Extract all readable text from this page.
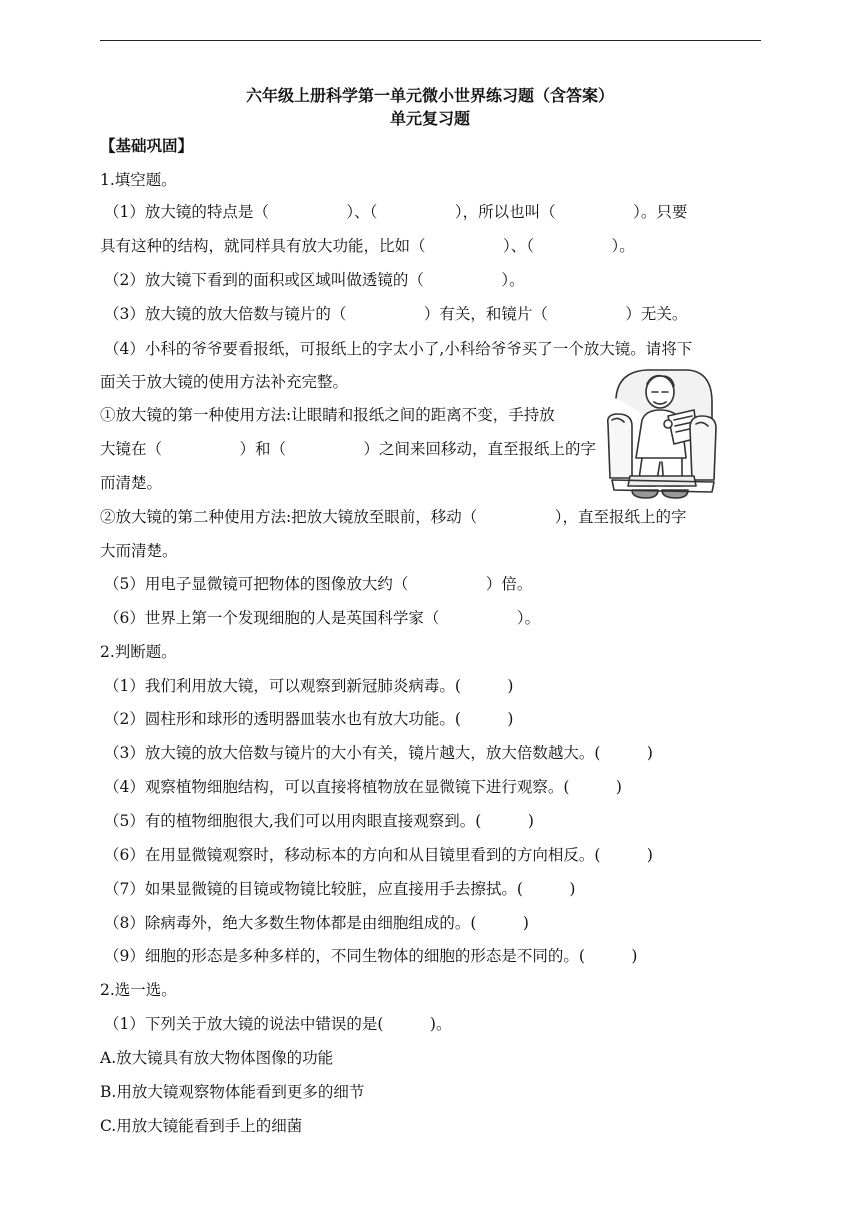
六年级上册科学第一单元微小世界练习题（含答案）
单元复习题
【基础巩固】
1.填空题。
（1）放大镜的特点是（　　　　　）、（　　　　　），所以也叫（　　　　　）。只要
具有这种的结构，就同样具有放大功能，比如（　　　　　）、（　　　　　）。
（2）放大镜下看到的面积或区域叫做透镜的（　　　　　）。
（3）放大镜的放大倍数与镜片的（　　　　　）有关，和镜片（　　　　　）无关。
（4）小科的爷爷要看报纸，可报纸上的字太小了,小科给爷爷买了一个放大镜。请将下
面关于放大镜的使用方法补充完整。
①放大镜的第一种使用方法:让眼睛和报纸之间的距离不变，手持放
大镜在（　　　　　）和（　　　　　）之间来回移动，直至报纸上的字
而清楚。
②放大镜的第二种使用方法:把放大镜放至眼前，移动（　　　　　），直至报纸上的字
大而清楚。
（5）用电子显微镜可把物体的图像放大约（　　　　　）倍。
（6）世界上第一个发现细胞的人是英国科学家（　　　　　）。
2.判断题。
（1）我们利用放大镜，可以观察到新冠肺炎病毒。(　　　)
（2）圆柱形和球形的透明器皿装水也有放大功能。(　　　)
（3）放大镜的放大倍数与镜片的大小有关，镜片越大，放大倍数越大。(　　　)
（4）观察植物细胞结构，可以直接将植物放在显微镜下进行观察。(　　　)
（5）有的植物细胞很大,我们可以用肉眼直接观察到。(　　　)
（6）在用显微镜观察时，移动标本的方向和从目镜里看到的方向相反。(　　　)
（7）如果显微镜的目镜或物镜比较脏，应直接用手去擦拭。(　　　)
（8）除病毒外，绝大多数生物体都是由细胞组成的。(　　　)
（9）细胞的形态是多种多样的，不同生物体的细胞的形态是不同的。(　　　)
2.选一选。
（1）下列关于放大镜的说法中错误的是(　　　)。
A.放大镜具有放大物体图像的功能
B.用放大镜观察物体能看到更多的细节
C.用放大镜能看到手上的细菌
